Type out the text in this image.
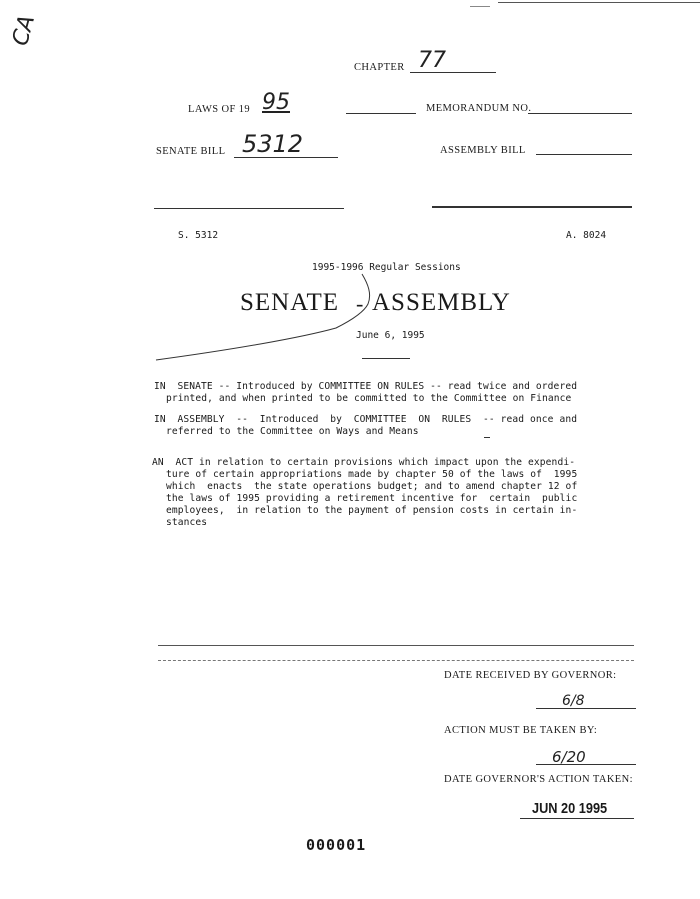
CA
CHAPTER 77
LAWS OF 19 95	MEMORANDUM NO.
SENATE BILL 5312	ASSEMBLY BILL
S. 5312	A. 8024
1995-1996 Regular Sessions
SENATE ASSEMBLY
-
June 6, 1995
IN  SENATE -- Introduced by COMMITTEE ON RULES -- read twice and ordered
printed, and when printed to be committed to the Committee on Finance
IN  ASSEMBLY  --  Introduced  by  COMMITTEE  ON  RULES  -- read once and
referred to the Committee on Ways and Means
AN  ACT in relation to certain provisions which impact upon the expendi-
ture of certain appropriations made by chapter 50 of the laws of  1995
which  enacts  the state operations budget; and to amend chapter 12 of
the laws of 1995 providing a retirement incentive for  certain  public
employees,  in relation to the payment of pension costs in certain in-
stances
DATE RECEIVED BY GOVERNOR:
6/8
ACTION MUST BE TAKEN BY:
6/20
DATE GOVERNOR'S ACTION TAKEN:
JUN 20 1995
000001
